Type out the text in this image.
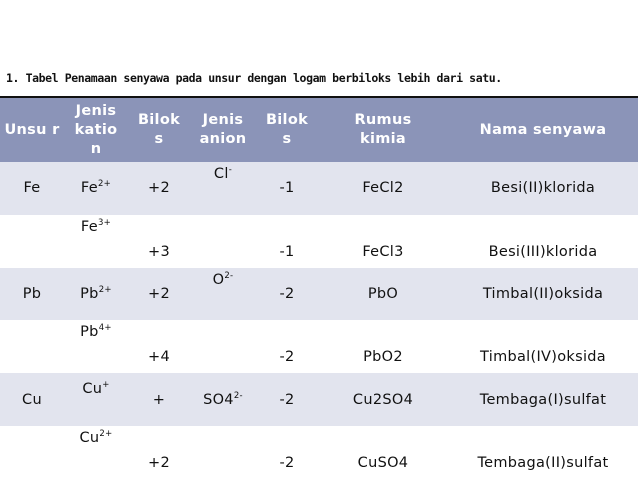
1. Tabel Penamaan senyawa pada unsur dengan logam berbiloks lebih dari satu.
Unsu r	Jenis katio n	Bilok s	Jenis anion	Bilok s	Rumus kimia	Nama senyawa
Fe	$Fe^{2+}$	+2	Cl-	-1	FeCl2	Besi(II)klorida
	$Fe^{3+}$	+3		-1	FeCl3	Besi(III)klorida
Pb	$Pb^{2+}$	+2	$O^{2-}$	-2	PbO	Timbal(II)oksida
	$Pb^{4+}$	+4		-2	PbO2	Timbal(IV)oksida
Cu	Cu+	+	$SO4^{2-}$	-2	Cu2SO4	Tembaga(I)sulfat
	$Cu^{2+}$	+2		-2	CuSO4	Tembaga(II)sulfat
